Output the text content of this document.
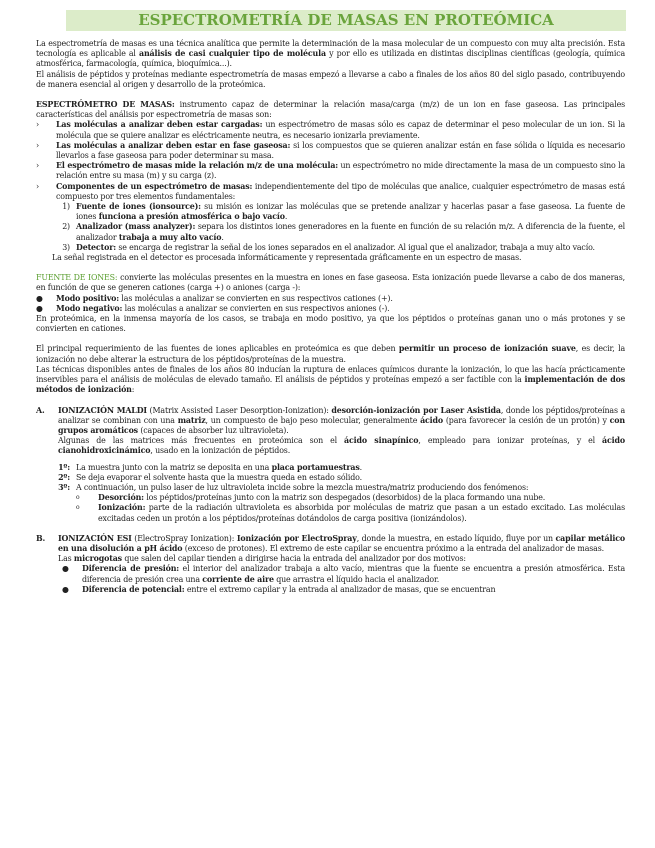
ESPECTROMETRÍA DE MASAS EN PROTEÓMICA

La espectrometría de masas es una técnica analítica que permite la determinación de la masa molecular de un compuesto con muy alta precisión. Esta tecnología es aplicable al análisis de casi cualquier tipo de molécula y por ello es utilizada en distintas disciplinas científicas (geología, química atmosférica, farmacología, química, bioquímica...).

El análisis de péptidos y proteínas mediante espectrometría de masas empezó a llevarse a cabo a finales de los años 80 del siglo pasado, contribuyendo de manera esencial al origen y desarrollo de la proteómica.

ESPECTRÓMETRO DE MASAS: instrumento capaz de determinar la relación masa/carga (m/z) de un ion en fase gaseosa. Las principales características del análisis por espectrometría de masas son:

›	Las moléculas a analizar deben estar cargadas: un espectrómetro de masas sólo es capaz de determinar el peso molecular de un ion. Si la molécula que se quiere analizar es eléctricamente neutra, es necesario ionizarla previamente.
›	Las moléculas a analizar deben estar en fase gaseosa: si los compuestos que se quieren analizar están en fase sólida o líquida es necesario llevarlos a fase gaseosa para poder determinar su masa.
›	El espectrómetro de masas mide la relación m/z de una molécula: un espectrómetro no mide directamente la masa de un compuesto sino la relación entre su masa (m) y su carga (z).
›	Componentes de un espectrómetro de masas: independientemente del tipo de moléculas que analice, cualquier espectrómetro de masas está compuesto por tres elementos fundamentales:
1) Fuente de iones (ionsource): su misión es ionizar las moléculas que se pretende analizar y hacerlas pasar a fase gaseosa. La fuente de iones funciona a presión atmosférica o bajo vacío.
2) Analizador (mass analyzer): separa los distintos iones generadores en la fuente en función de su relación m/z. A diferencia de la fuente, el analizador trabaja a muy alto vacío.
3) Detector: se encarga de registrar la señal de los iones separados en el analizador. Al igual que el analizador, trabaja a muy alto vacío.

La señal registrada en el detector es procesada informáticamente y representada gráficamente en un espectro de masas.

FUENTE DE IONES: convierte las moléculas presentes en la muestra en iones en fase gaseosa. Esta ionización puede llevarse a cabo de dos maneras, en función de que se generen cationes (carga +) o aniones (carga -):

●	Modo positivo: las moléculas a analizar se convierten en sus respectivos cationes (+).
●	Modo negativo: las moléculas a analizar se convierten en sus respectivos aniones (-).

En proteómica, en la inmensa mayoría de los casos, se trabaja en modo positivo, ya que los péptidos o proteínas ganan uno o más protones y se convierten en cationes.

El principal requerimiento de las fuentes de iones aplicables en proteómica es que deben permitir un proceso de ionización suave, es decir, la ionización no debe alterar la estructura de los péptidos/proteínas de la muestra.

Las técnicas disponibles antes de finales de los años 80 inducían la ruptura de enlaces químicos durante la ionización, lo que las hacía prácticamente inservibles para el análisis de moléculas de elevado tamaño. El análisis de péptidos y proteínas empezó a ser factible con la implementación de dos métodos de ionización:

A.	IONIZACIÓN MALDI (Matrix Assisted Laser Desorption-Ionization): desorción-ionización por Laser Asistida, donde los péptidos/proteínas a analizar se combinan con una matriz, un compuesto de bajo peso molecular, generalmente ácido (para favorecer la cesión de un protón) y con grupos aromáticos (capaces de absorber luz ultravioleta).

Algunas de las matrices más frecuentes en proteómica son el ácido sinapínico, empleado para ionizar proteínas, y el ácido cianohidroxicinámico, usado en la ionización de péptidos.

1º: La muestra junto con la matriz se deposita en una placa portamuestras.
2º: Se deja evaporar el solvente hasta que la muestra queda en estado sólido.
3º: A continuación, un pulso laser de luz ultravioleta incide sobre la mezcla muestra/matriz produciendo dos fenómenos:
o	Desorción: los péptidos/proteínas junto con la matriz son despegados (desorbidos) de la placa formando una nube.
o	Ionización: parte de la radiación ultravioleta es absorbida por moléculas de matriz que pasan a un estado excitado. Las moléculas excitadas ceden un protón a los péptidos/proteínas dotándolos de carga positiva (ionizándolos).
B.	IONIZACIÓN ESI (ElectroSpray Ionization): Ionización por ElectroSpray, donde la muestra, en estado líquido, fluye por un capilar metálico en una disolución a pH ácido (exceso de protones). El extremo de este capilar se encuentra próximo a la entrada del analizador de masas.

Las microgotas que salen del capilar tienden a dirigirse hacia la entrada del analizador por dos motivos:

●	Diferencia de presión: el interior del analizador trabaja a alto vacío, mientras que la fuente se encuentra a presión atmosférica. Esta diferencia de presión crea una corriente de aire que arrastra el líquido hacia el analizador.
●	Diferencia de potencial: entre el extremo capilar y la entrada al analizador de masas, que se encuentran
